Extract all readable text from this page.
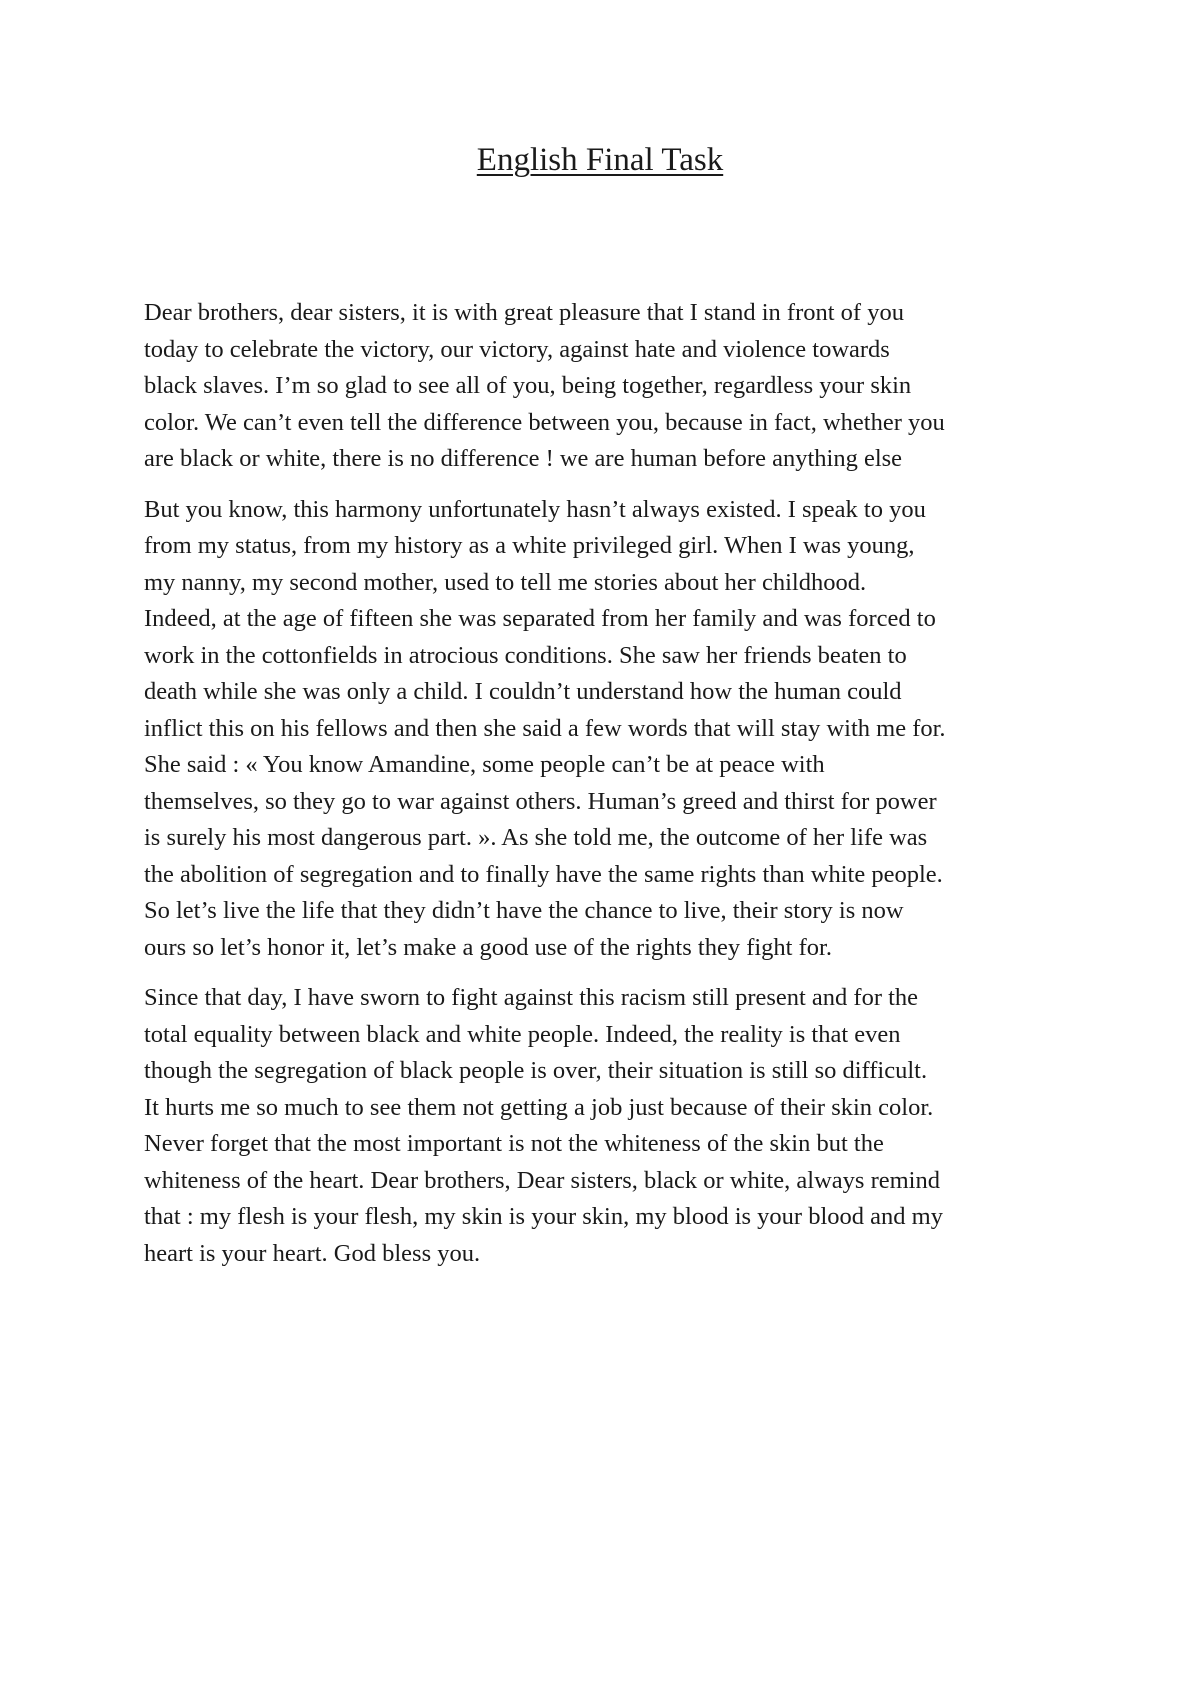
English Final Task

Dear brothers, dear sisters, it is with great pleasure that I stand in front of you
today to celebrate the victory, our victory, against hate and violence towards
black slaves. I’m so glad to see all of you, being together, regardless your skin
color. We can’t even tell the difference between you, because in fact, whether you
are black or white, there is no difference ! we are human before anything else

But you know, this harmony unfortunately hasn’t always existed. I speak to you
from my status, from my history as a white privileged girl. When I was young,
my nanny, my second mother, used to tell me stories about her childhood.
Indeed, at the age of fifteen she was separated from her family and was forced to
work in the cottonfields in atrocious conditions. She saw her friends beaten to
death while she was only a child. I couldn’t understand how the human could
inflict this on his fellows and then she said a few words that will stay with me for.
She said : « You know Amandine, some people can’t be at peace with
themselves, so they go to war against others. Human’s greed and thirst for power
is surely his most dangerous part. ». As she told me, the outcome of her life was
the abolition of segregation and to finally have the same rights than white people.
So let’s live the life that they didn’t have the chance to live, their story is now
ours so let’s honor it, let’s make a good use of the rights they fight for.

Since that day, I have sworn to fight against this racism still present and for the
total equality between black and white people. Indeed, the reality is that even
though the segregation of black people is over, their situation is still so difficult.
It hurts me so much to see them not getting a job just because of their skin color.
Never forget that the most important is not the whiteness of the skin but the
whiteness of the heart. Dear brothers, Dear sisters, black or white, always remind
that : my flesh is your flesh, my skin is your skin, my blood is your blood and my
heart is your heart. God bless you.
